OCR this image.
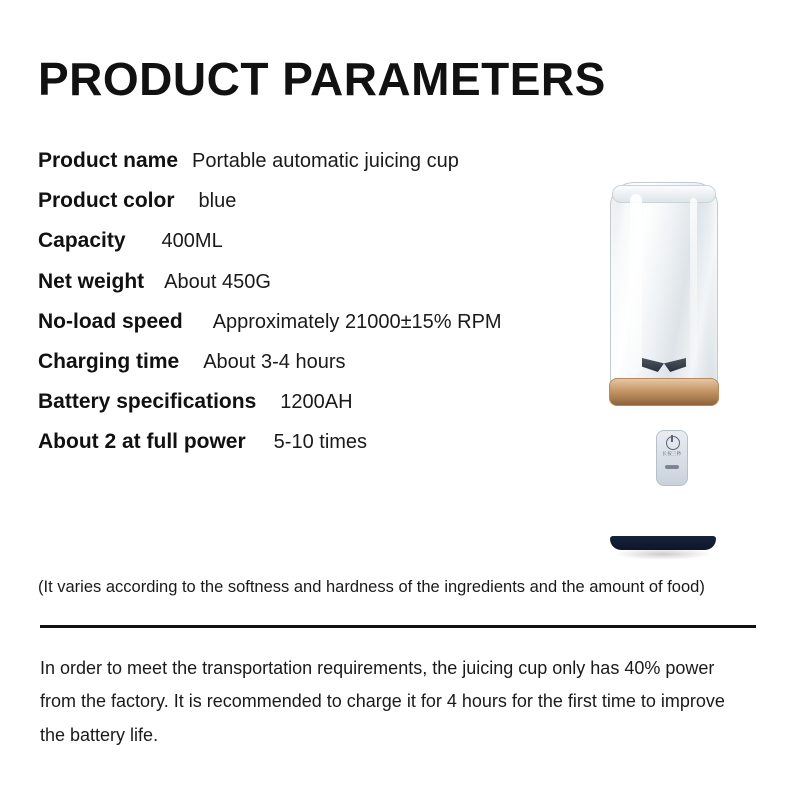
PRODUCT PARAMETERS
Product name Portable automatic juicing cup
Product color blue
Capacity 400ML
Net weight About 450G
No-load speed Approximately 21000±15% RPM
Charging time About 3-4 hours
Battery specifications 1200AH
About 2 at full power 5-10 times
(It varies according to the softness and hardness of the ingredients and the amount of food)
In order to meet the transportation requirements, the juicing cup only has 40% power from the factory. It is recommended to charge it for 4 hours for the first time to improve the battery life.
长按三秒
